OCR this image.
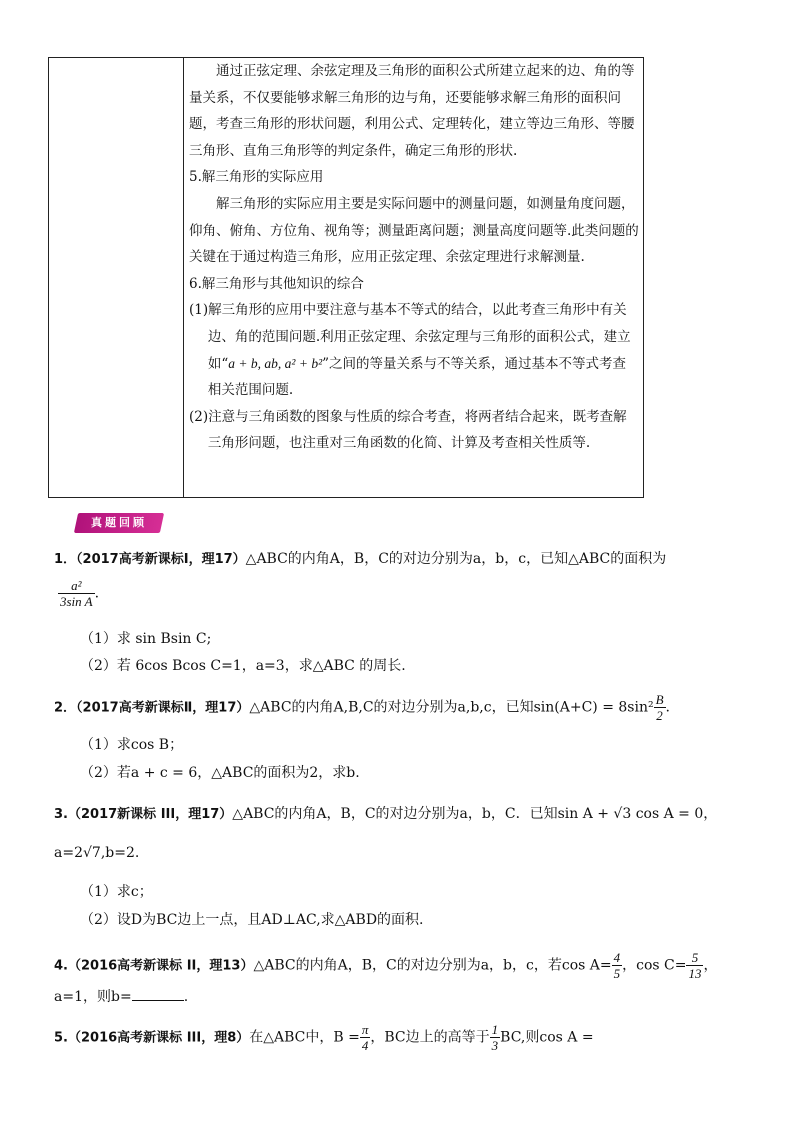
通过正弦定理、余弦定理及三角形的面积公式所建立起来的边、角的等量关系，不仅要能够求解三角形的边与角，还要能够求解三角形的面积问题，考查三角形的形状问题，利用公式、定理转化，建立等边三角形、等腰三角形、直角三角形等的判定条件，确定三角形的形状.

5.解三角形的实际应用

解三角形的实际应用主要是实际问题中的测量问题，如测量角度问题，仰角、俯角、方位角、视角等；测量距离问题；测量高度问题等.此类问题的关键在于通过构造三角形，应用正弦定理、余弦定理进行求解测量.

6.解三角形与其他知识的综合

(1)解三角形的应用中要注意与基本不等式的结合，以此考查三角形中有关边、角的范围问题.利用正弦定理、余弦定理与三角形的面积公式，建立如“a + b, ab, a² + b²”之间的等量关系与不等关系，通过基本不等式考查相关范围问题.

(2)注意与三角函数的图象与性质的综合考查，将两者结合起来，既考查解三角形问题，也注重对三角函数的化简、计算及考查相关性质等.

真题回顾
1．（2017高考新课标Ⅰ，理17）△ABC的内角A，B，C的对边分别为a，b，c，已知△ABC的面积为
$\frac{\text{a²}}{\text{3sin A}}$ .
（1）求 sin Bsin C;
（2）若 6cos Bcos C=1，a=3，求△ABC 的周长.
2．（2017高考新课标Ⅱ，理17）△ABC的内角A,B,C的对边分别为a,b,c，已知$\sin(A+C) = 8\sin^2 \frac{B}{2}$ .
（1）求cos B；
（2）若a + c = 6，△ABC的面积为2，求b.
3.（2017新课标 III，理17）△ABC的内角A，B，C的对边分别为a，b，C．已知sin A + √3 cos A = 0，
a=2√7,b=2.
（1）求c；
（2）设D为BC边上一点，且AD⊥AC,求△ABD的面积.
4.（2016高考新课标 II，理13）△ABC的内角A，B，C的对边分别为a，b，c，若$\cos A= \frac{4}{5}$ ，$\cos C= \frac{5}{13}$ ，
a=1，则b=	.
5.（2016高考新课标 III，理8）在△ABC中，$B = \frac{\pi}{4}$ ，BC边上的高等于 $\frac{1}{3}$ BC,则cos A =
